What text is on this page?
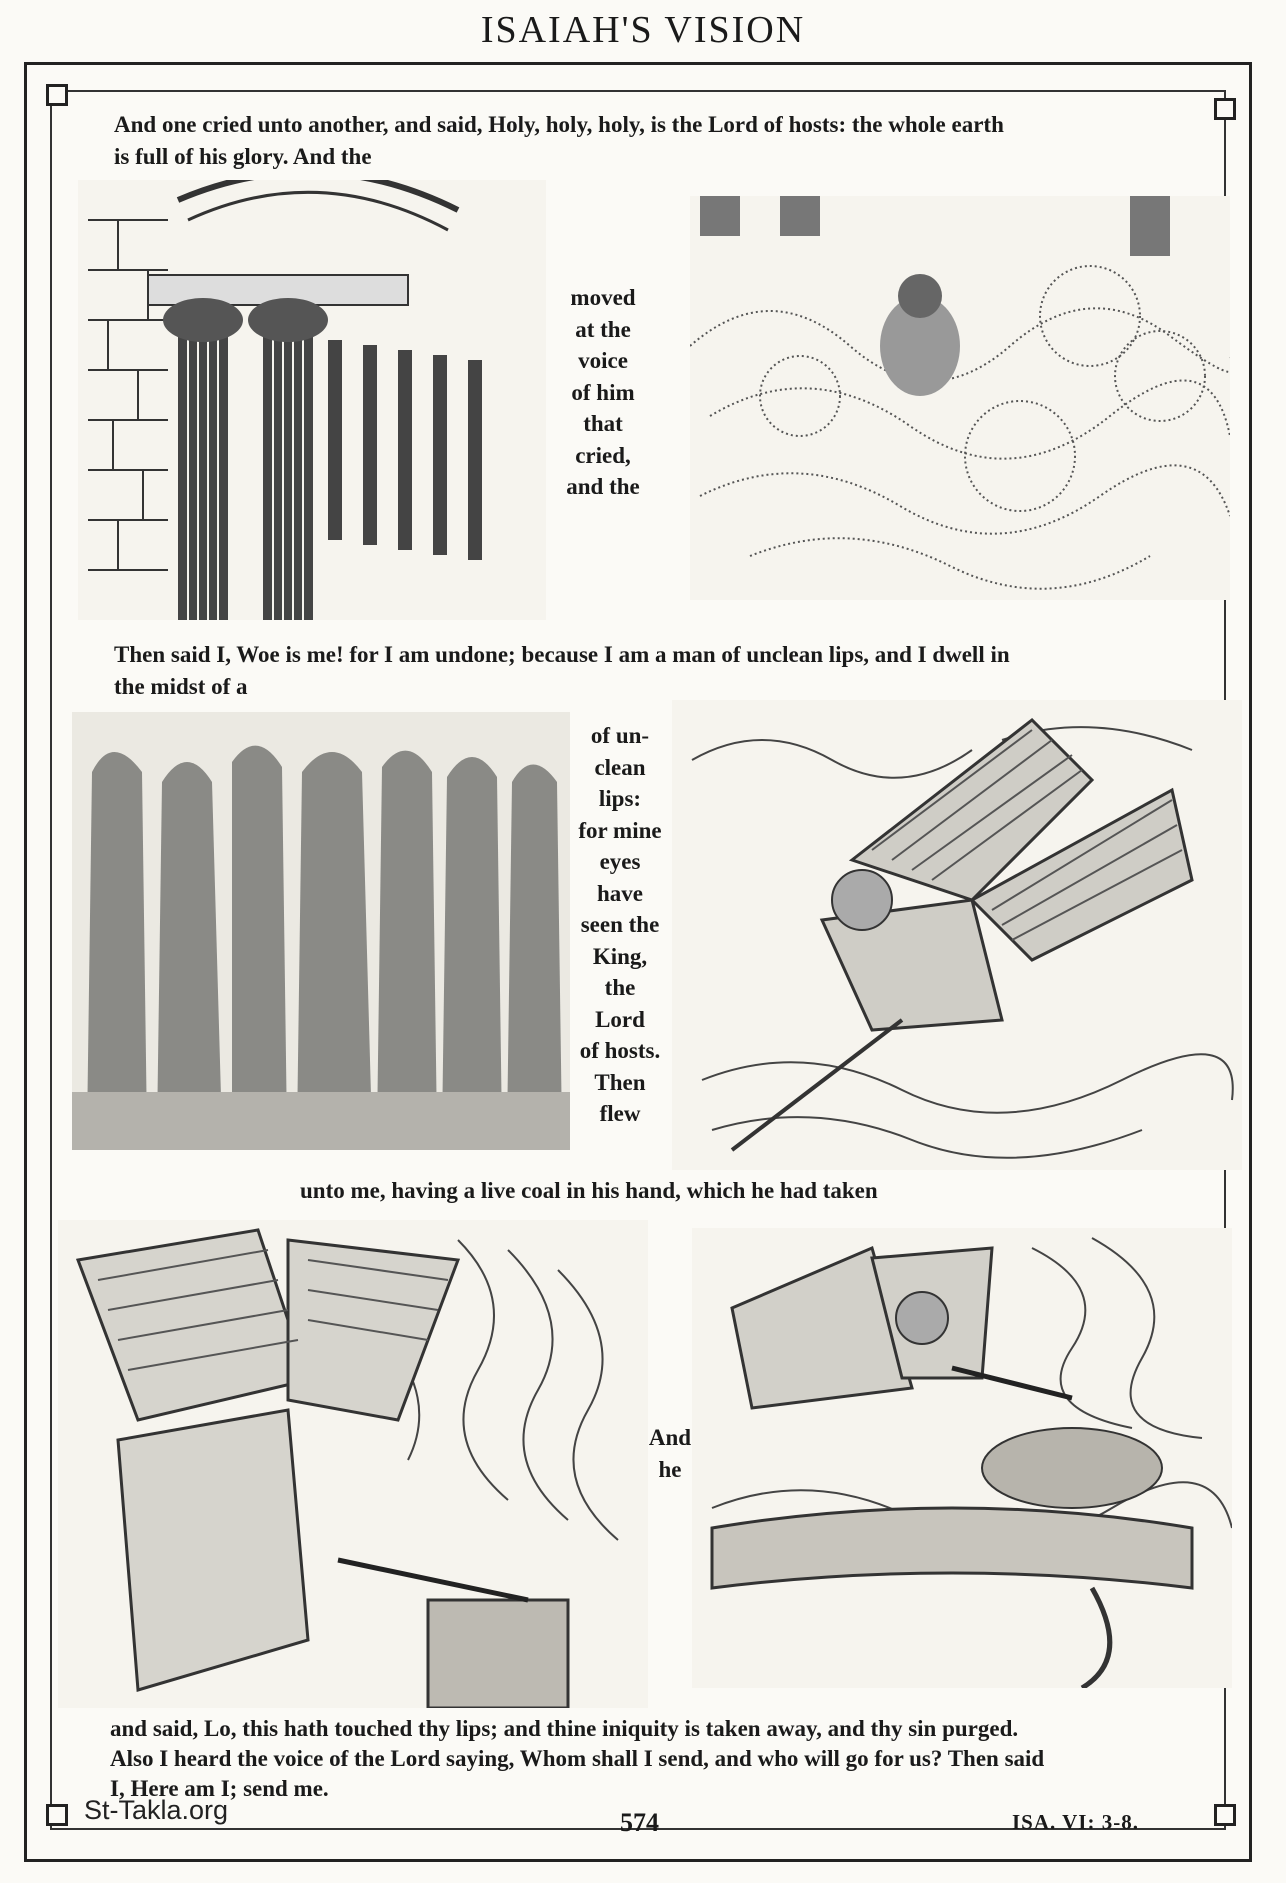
ISAIAH'S VISION

And one cried unto another, and said, Holy, holy, holy, is the Lord of hosts: the whole earth

is full of his glory. And the

moved
at the
voice
of him
that
cried,
and the

Then said I, Woe is me! for I am undone; because I am a man of unclean lips, and I dwell in

the midst of a

of un-
clean
lips:
for mine
eyes
have
seen the
King,
the
Lord
of hosts.
Then
flew

unto me, having a live coal in his hand, which he had taken

And
he

and said, Lo, this hath touched thy lips; and thine iniquity is taken away, and thy sin purged.

Also I heard the voice of the Lord saying, Whom shall I send, and who will go for us? Then said

I, Here am I; send me.

St-Takla.org	574	ISA. VI: 3-8.
